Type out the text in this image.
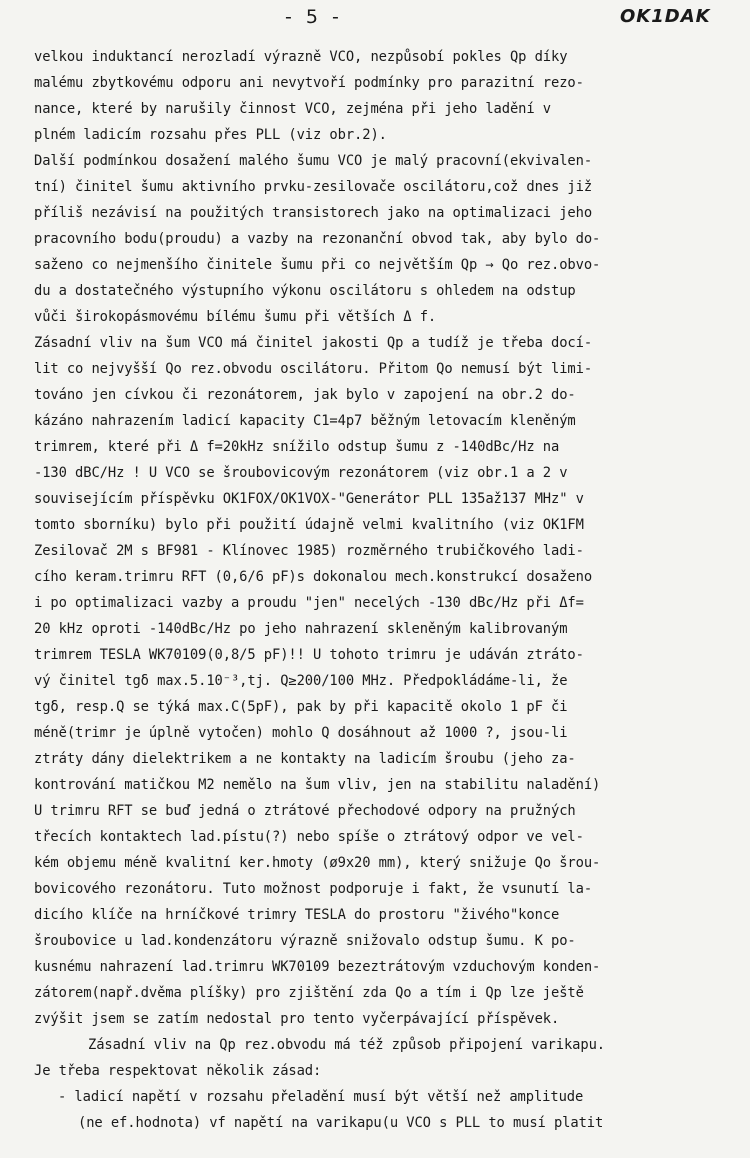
- 5 -	OK1DAK
velkou induktancí nerozladí výrazně VCO, nezpůsobí pokles Qp díky
malému zbytkovému odporu ani nevytvoří podmínky pro parazitní rezo-
nance, které by narušily činnost VCO, zejména při jeho ladění v
plném ladicím rozsahu přes PLL (viz obr.2).
Další podmínkou dosažení malého šumu VCO je malý pracovní(ekvivalen-
tní) činitel šumu aktivního prvku-zesilovače oscilátoru,což dnes již
příliš nezávisí na použitých transistorech jako na optimalizaci jeho
pracovního bodu(proudu) a vazby na rezonanční obvod tak, aby bylo do-
saženo co nejmenšího činitele šumu při co největším Qp → Qo rez.obvo-
du a dostatečného výstupního výkonu oscilátoru s ohledem na odstup
vůči širokopásmovému bílému šumu při větších Δ f.
Zásadní vliv na šum VCO má činitel jakosti Qp a tudíž je třeba docí-
lit co nejvyšší Qo rez.obvodu oscilátoru. Přitom Qo nemusí být limi-
továno jen cívkou či rezonátorem, jak bylo v zapojení na obr.2 do-
kázáno nahrazením ladicí kapacity C1=4p7 běžným letovacím kleněným
trimrem, které při Δ f=20kHz snížilo odstup šumu z -140dBc/Hz na
-130 dBC/Hz ! U VCO se šroubovicovým rezonátorem (viz obr.1 a 2 v
souvisejícím příspěvku OK1FOX/OK1VOX-"Generátor PLL 135až137 MHz" v
tomto sborníku) bylo při použití údajně velmi kvalitního (viz OK1FM
Zesilovač 2M s BF981 - Klínovec 1985) rozměrného trubičkového ladi-
cího keram.trimru RFT (0,6/6 pF)s dokonalou mech.konstrukcí dosaženo
i po optimalizaci vazby a proudu "jen" necelých -130 dBc/Hz při Δf=
20 kHz oproti -140dBc/Hz po jeho nahrazení skleněným kalibrovaným
trimrem TESLA WK70109(0,8/5 pF)!! U tohoto trimru je udáván ztráto-
vý činitel tgδ max.5.10⁻³,tj. Q≥200/100 MHz. Předpokládáme-li, že
tgδ, resp.Q se týká max.C(5pF), pak by při kapacitě okolo 1 pF či
méně(trimr je úplně vytočen) mohlo Q dosáhnout až 1000 ?, jsou-li
ztráty dány dielektrikem a ne kontakty na ladicím šroubu (jeho za-
kontrování matičkou M2 nemělo na šum vliv, jen na stabilitu naladění)
U trimru RFT se buď jedná o ztrátové přechodové odpory na pružných
třecích kontaktech lad.pístu(?) nebo spíše o ztrátový odpor ve vel-
kém objemu méně kvalitní ker.hmoty (ø9x20 mm), který snižuje Qo šrou-
bovicového rezonátoru. Tuto možnost podporuje i fakt, že vsunutí la-
dicího klíče na hrníčkové trimry TESLA do prostoru "živého"konce
šroubovice u lad.kondenzátoru výrazně snižovalo odstup šumu. K po-
kusnému nahrazení lad.trimru WK70109 bezeztrátovým vzduchovým konden-
zátorem(např.dvěma plíšky) pro zjištění zda Qo a tím i Qp lze ještě
zvýšit jsem se zatím nedostal pro tento vyčerpávající příspěvek.
Zásadní vliv na Qp rez.obvodu má též způsob připojení varikapu.
Je třeba respektovat několik zásad:
- ladicí napětí v rozsahu přeladění musí být větší než amplitude
(ne ef.hodnota) vf napětí na varikapu(u VCO s PLL to musí platit
